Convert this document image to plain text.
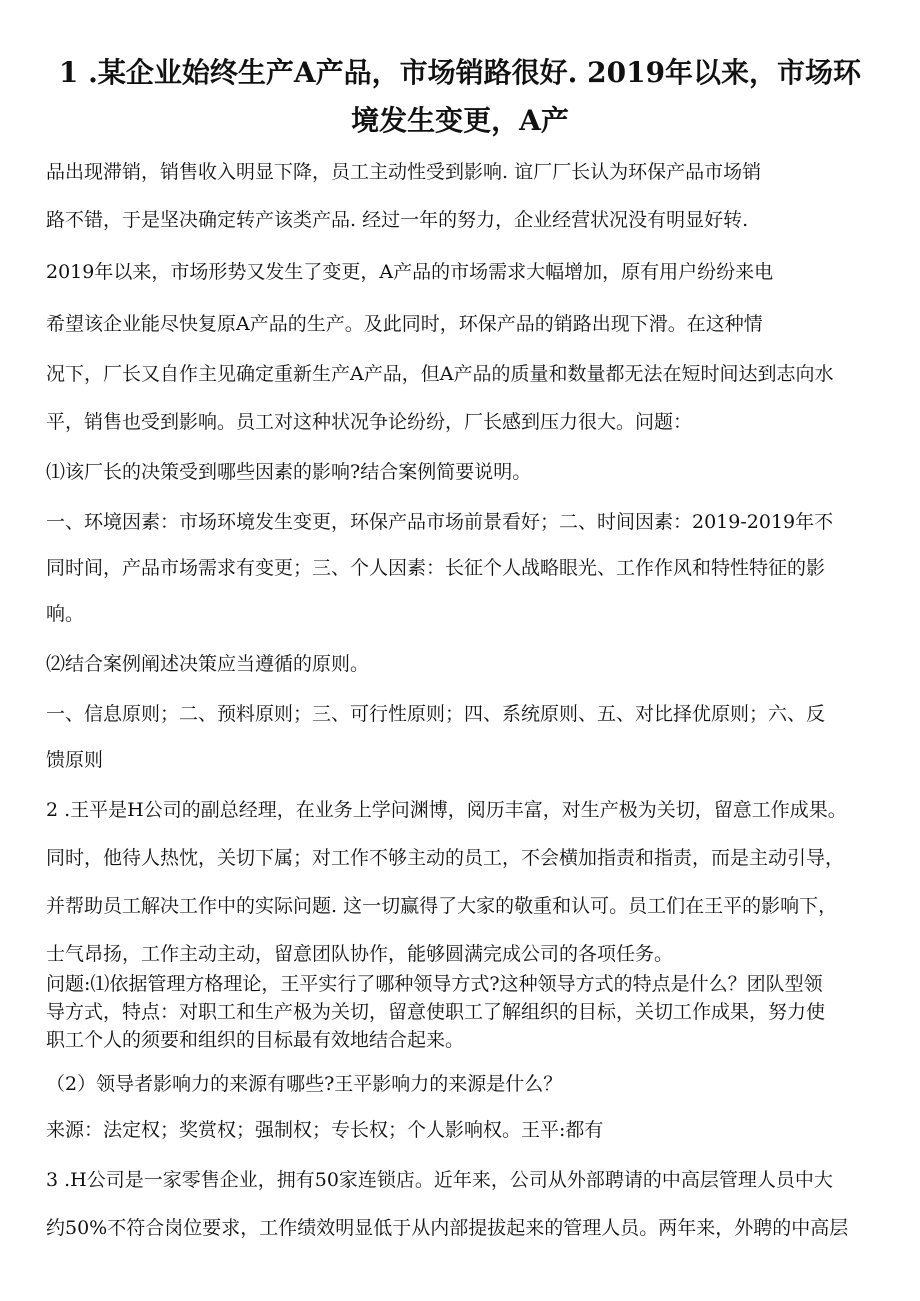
1 .某企业始终生产A产品，市场销路很好. 2019年以来，市场环
境发生变更，A产
品出现滞销，销售收入明显下降，员工主动性受到影响. 谊厂厂长认为环保产品市场销
路不错，于是坚决确定转产该类产品. 经过一年的努力，企业经营状况没有明显好转.
2019年以来，市场形势又发生了变更，A产品的市场需求大幅增加，原有用户纷纷来电
希望该企业能尽快复原A产品的生产。及此同时，环保产品的销路出现下滑。在这种情
况下，厂长又自作主见确定重新生产A产品，但A产品的质量和数量都无法在短时间达到志向水
平，销售也受到影响。员工对这种状况争论纷纷，厂长感到压力很大。问题：
⑴该厂长的决策受到哪些因素的影响?结合案例简要说明。
一、环境因素：市场环境发生变更，环保产品市场前景看好；二、时间因素：2019-2019年不
同时间，产品市场需求有变更；三、个人因素：长征个人战略眼光、工作作风和特性特征的影
响。
⑵结合案例阐述决策应当遵循的原则。
一、信息原则；二、预料原则；三、可行性原则；四、系统原则、五、对比择优原则；六、反
馈原则
2 .王平是H公司的副总经理，在业务上学问渊博，阅历丰富，对生产极为关切，留意工作成果。
同时，他待人热忱，关切下属；对工作不够主动的员工，不会横加指责和指责，而是主动引导，
并帮助员工解决工作中的实际问题. 这一切赢得了大家的敬重和认可。员工们在王平的影响下，
士气昂扬，工作主动主动，留意团队协作，能够圆满完成公司的各项任务。
问题:⑴依据管理方格理论，王平实行了哪种领导方式?这种领导方式的特点是什么？团队型领
导方式，特点：对职工和生产极为关切，留意使职工了解组织的目标，关切工作成果，努力使
职工个人的须要和组织的目标最有效地结合起来。
（2）领导者影响力的来源有哪些?王平影响力的来源是什么？
来源：法定权；奖赏权；强制权；专长权；个人影响权。王平:都有
3 .H公司是一家零售企业，拥有50家连锁店。近年来，公司从外部聘请的中高层管理人员中大
约50%不符合岗位要求，工作绩效明显低于从内部提拔起来的管理人员。两年来，外聘的中高层
